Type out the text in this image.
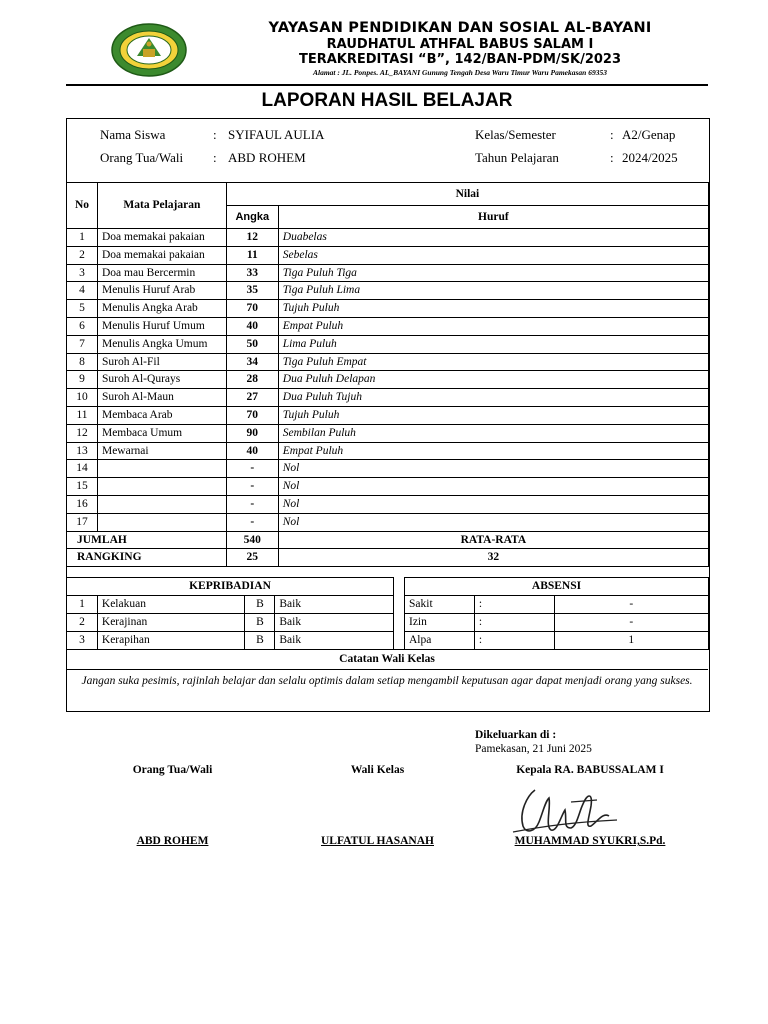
YAYASAN PENDIDIKAN DAN SOSIAL AL-BAYANI
RAUDHATUL ATHFAL BABUS SALAM I
TERAKREDITASI “B”, 142/BAN-PDM/SK/2023
Alamat : JL. Ponpes. AL_BAYANI Gunung Tengah Desa Waru Timur Waru Pamekasan 69353
LAPORAN HASIL BELAJAR
Nama Siswa	: SYIFAUL AULIA
Orang Tua/Wali : ABD ROHEM
Kelas/Semester	: A2/Genap
Tahun Pelajaran	: 2024/2025
No	Mata Pelajaran	Nilai	
		Angka	Huruf
1	Doa memakai pakaian	12	Duabelas
2	Doa memakai pakaian	11	Sebelas
3	Doa mau Bercermin	33	Tiga Puluh Tiga
4	Menulis Huruf Arab	35	Tiga Puluh Lima
5	Menulis Angka Arab	70	Tujuh Puluh
6	Menulis Huruf Umum	40	Empat Puluh
7	Menulis Angka Umum	50	Lima Puluh
8	Suroh Al-Fil	34	Tiga Puluh Empat
9	Suroh Al-Qurays	28	Dua Puluh Delapan
10	Suroh Al-Maun	27	Dua Puluh Tujuh
11	Membaca Arab	70	Tujuh Puluh
12	Membaca Umum	90	Sembilan Puluh
13	Mewarnai	40	Empat Puluh
14		-	Nol
15		-	Nol
16		-	Nol
17		-	Nol
JUMLAH		540	RATA-RATA
RANGKING		25	32
KEPRIBADIAN			
1	Kelakuan	B	Baik
2	Kerajinan	B	Baik
3	Kerapihan	B	Baik
ABSENSI		
Sakit	:	-
Izin	:	-
Alpa	:	1
Catatan Wali Kelas
Jangan suka pesimis, rajinlah belajar dan selalu optimis dalam setiap mengambil keputusan agar dapat menjadi orang yang sukses.
Dikeluarkan di :
Pamekasan, 21 Juni 2025
Orang Tua/Wali	Wali Kelas	Kepala RA. BABUSSALAM I
ABD ROHEM	ULFATUL HASANAH	MUHAMMAD SYUKRI,S.Pd.
